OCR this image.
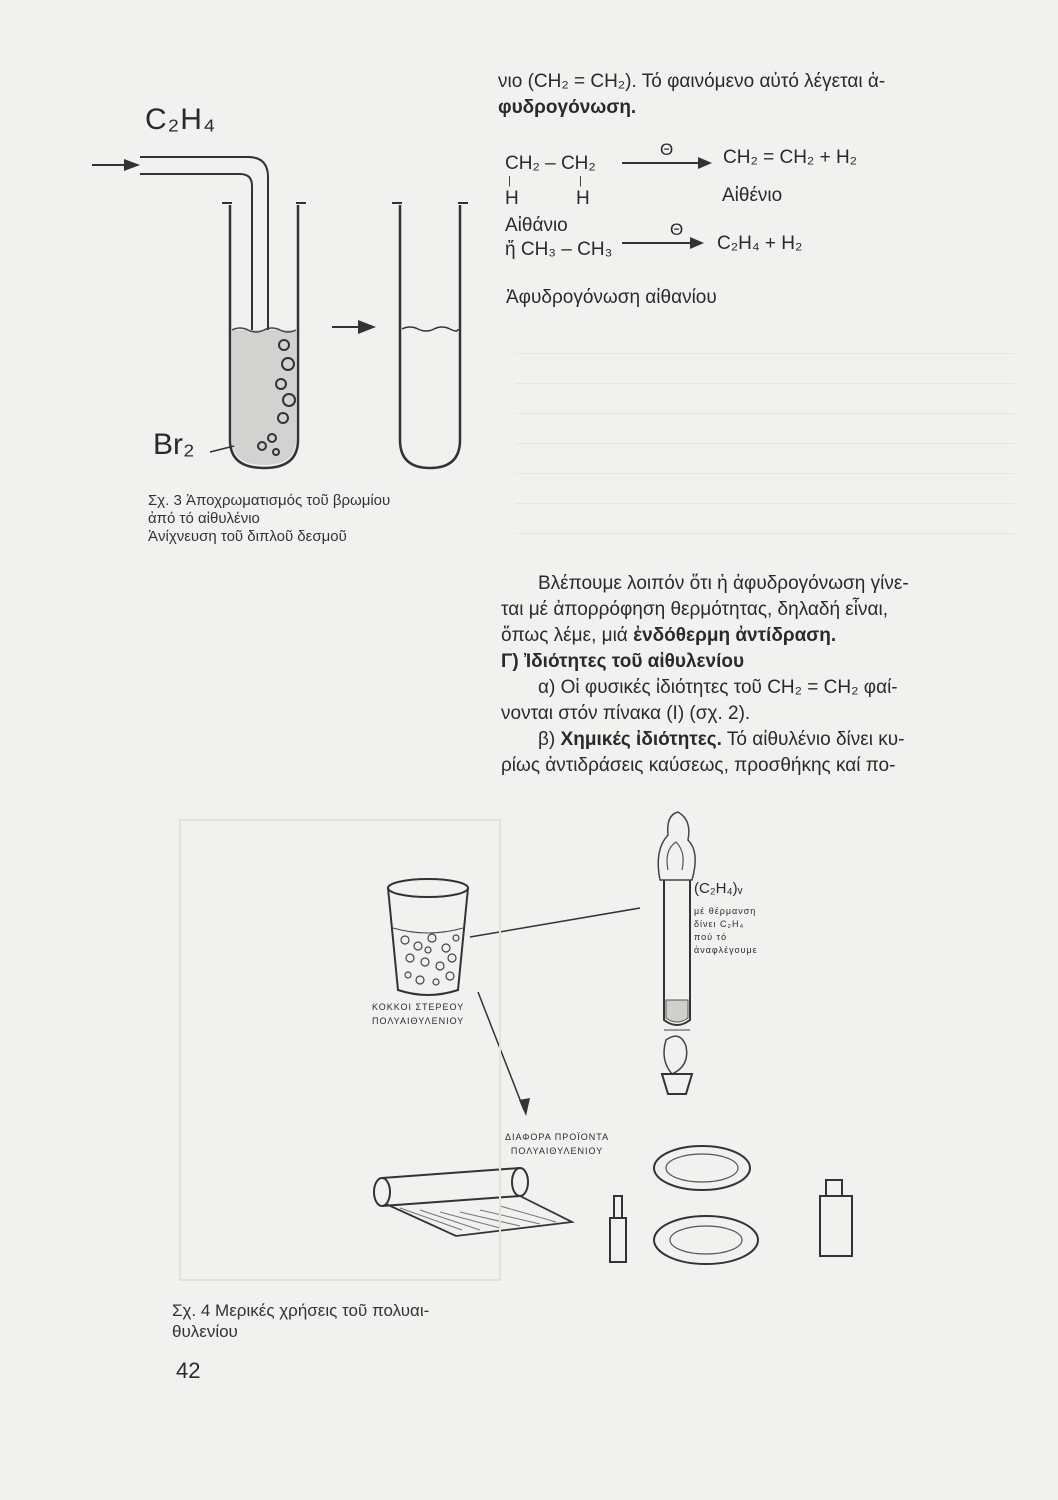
C₂H₄
Br₂
Σχ. 3 Ἀποχρωματισμός τοῦ βρωμίου
ἀπό τό αἰθυλένιο
Ἀνίχνευση τοῦ διπλοῦ δεσμοῦ
νιο (CH₂ = CH₂). Τό φαινόμενο αὐτό λέγεται ἀ-
φυδρογόνωση.
CH₂ – CH₂
|	|
H	H
Θ	CH₂ = CH₂ + H₂
Αἰθένιο
Αἰθάνιο
ἤ CH₃ – CH₃
Θ
C₂H₄ + H₂
Ἀφυδρογόνωση αἰθανίου
Βλέπουμε λοιπόν ὅτι ἡ ἀφυδρογόνωση γίνε-
ται μέ ἀπορρόφηση θερμότητας, δηλαδή εἶναι,
ὅπως λέμε, μιά ἐνδόθερμη ἀντίδραση.
Γ) Ἰδιότητες τοῦ αἰθυλενίου
α) Οἱ φυσικές ἰδιότητες τοῦ CH₂ = CH₂ φαί-
νονται στόν πίνακα (Ι) (σχ. 2).
β) Χημικές ἰδιότητες. Τό αἰθυλένιο δίνει κυ-
ρίως ἀντιδράσεις καύσεως, προσθήκης καί πο-
(C₂H₄)ᵥ
μέ θέρμανση
δίνει C₂H₄
πού τό
ἀναφλέγουμε
ΚΟΚΚΟΙ ΣΤΕΡΕΟΥ
ΠΟΛΥΑΙΘΥΛΕΝΙΟΥ
ΔΙΑΦΟΡΑ ΠΡΟΪΟΝΤΑ
ΠΟΛΥΑΙΘΥΛΕΝΙΟΥ
Σχ. 4 Μερικές χρήσεις τοῦ πολυαι-
θυλενίου
42
